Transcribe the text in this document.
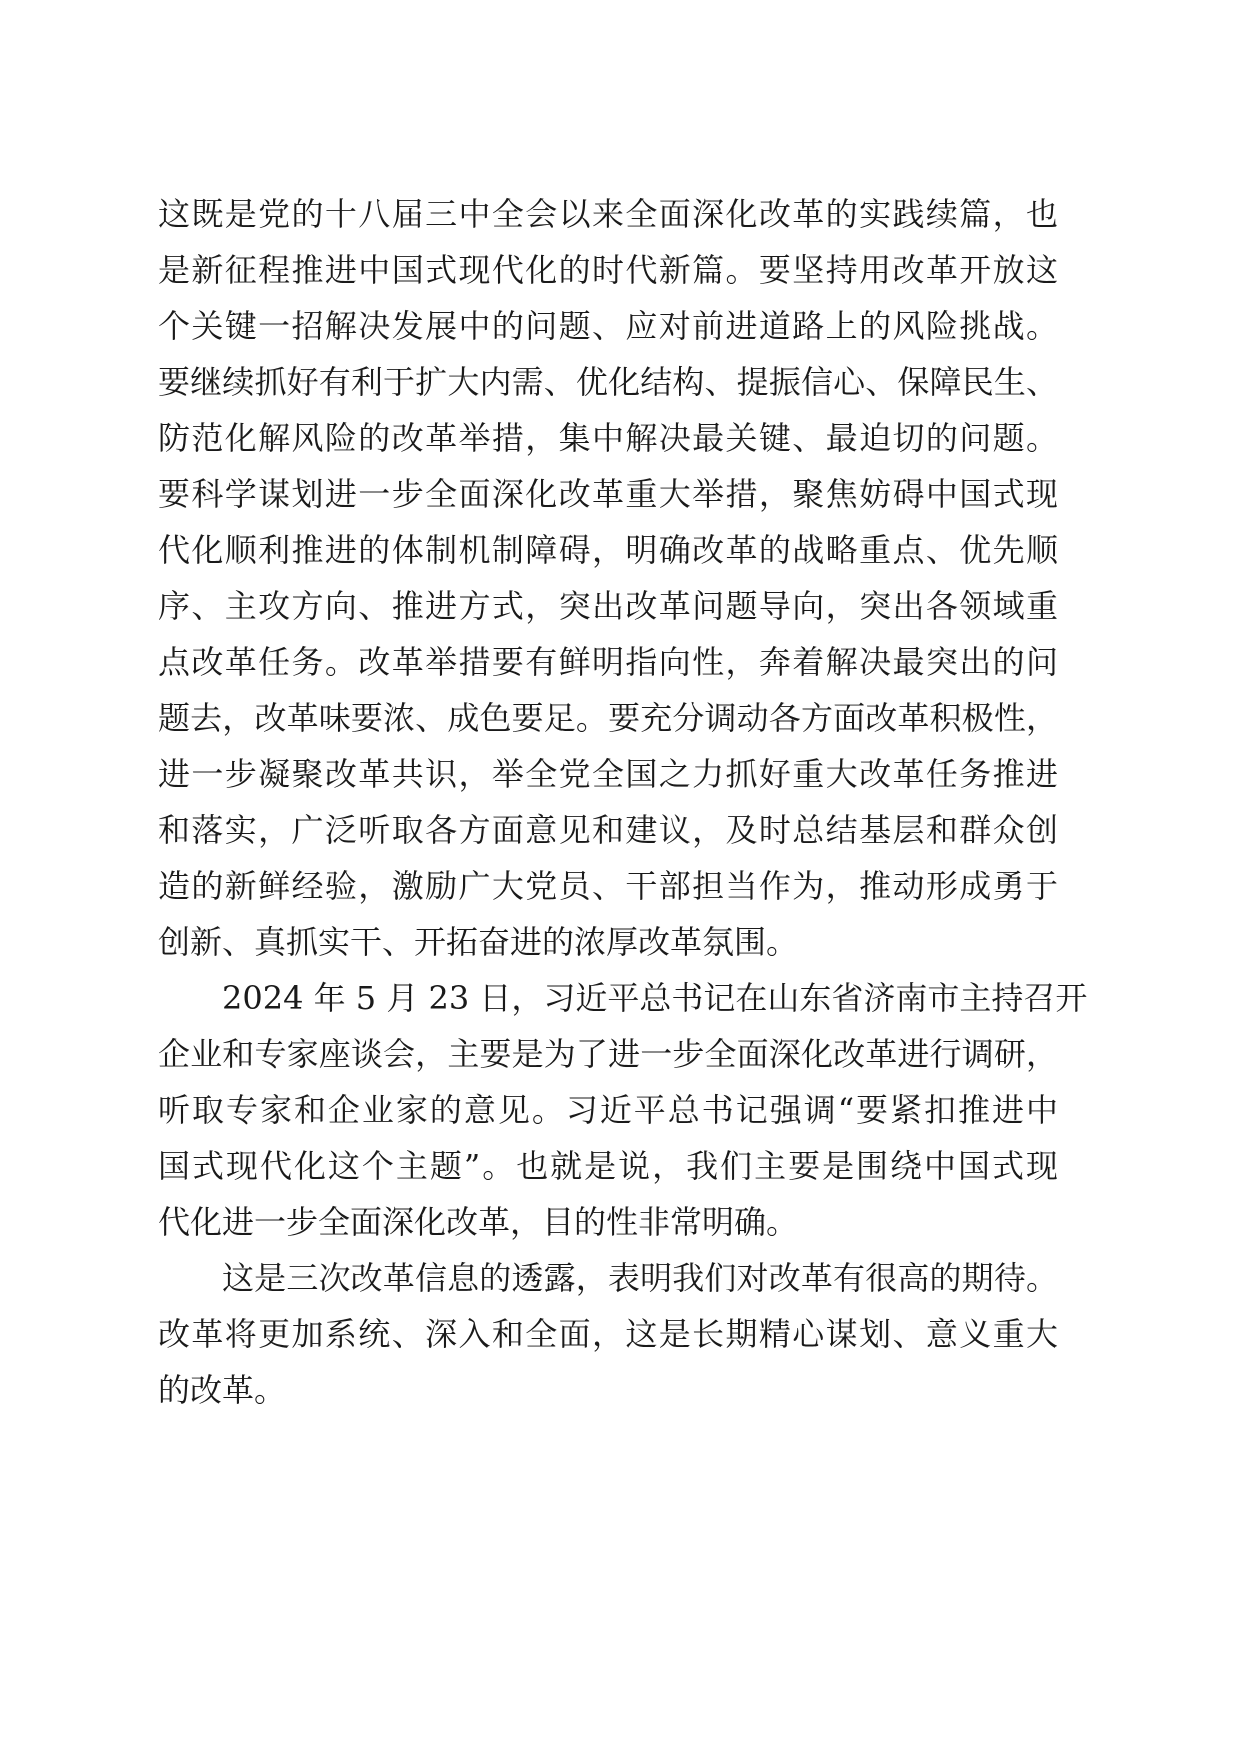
这既是党的十八届三中全会以来全面深化改革的实践续篇，也
是新征程推进中国式现代化的时代新篇。要坚持用改革开放这
个关键一招解决发展中的问题、应对前进道路上的风险挑战。
要继续抓好有利于扩大内需、优化结构、提振信心、保障民生、
防范化解风险的改革举措，集中解决最关键、最迫切的问题。
要科学谋划进一步全面深化改革重大举措，聚焦妨碍中国式现
代化顺利推进的体制机制障碍，明确改革的战略重点、优先顺
序、主攻方向、推进方式，突出改革问题导向，突出各领域重
点改革任务。改革举措要有鲜明指向性，奔着解决最突出的问
题去，改革味要浓、成色要足。要充分调动各方面改革积极性，
进一步凝聚改革共识，举全党全国之力抓好重大改革任务推进
和落实，广泛听取各方面意见和建议，及时总结基层和群众创
造的新鲜经验，激励广大党员、干部担当作为，推动形成勇于
创新、真抓实干、开拓奋进的浓厚改革氛围。
2024 年 5 月 23 日，习近平总书记在山东省济南市主持召开
企业和专家座谈会，主要是为了进一步全面深化改革进行调研，
听取专家和企业家的意见。习近平总书记强调“要紧扣推进中
国式现代化这个主题”。也就是说，我们主要是围绕中国式现
代化进一步全面深化改革，目的性非常明确。
这是三次改革信息的透露，表明我们对改革有很高的期待。
改革将更加系统、深入和全面，这是长期精心谋划、意义重大
的改革。
